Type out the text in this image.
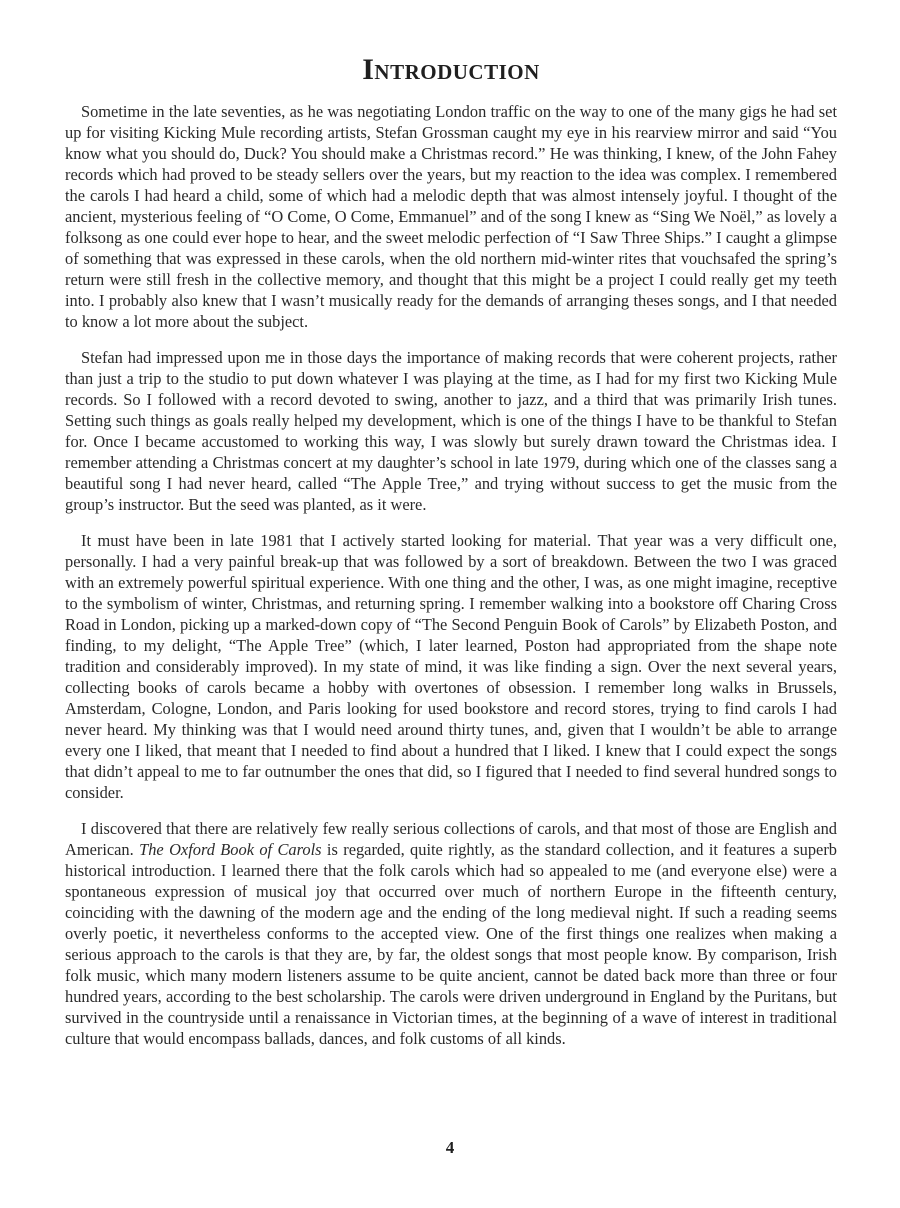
Introduction

Sometime in the late seventies, as he was negotiating London traffic on the way to one of the many gigs he had set up for visiting Kicking Mule recording artists, Stefan Grossman caught my eye in his rearview mirror and said “You know what you should do, Duck? You should make a Christmas record.” He was thinking, I knew, of the John Fahey records which had proved to be steady sellers over the years, but my reaction to the idea was complex. I remembered the carols I had heard a child, some of which had a melodic depth that was almost intensely joyful. I thought of the ancient, mysterious feeling of “O Come, O Come, Emmanuel” and of the song I knew as “Sing We Noël,” as lovely a folksong as one could ever hope to hear, and the sweet melodic perfection of “I Saw Three Ships.” I caught a glimpse of something that was expressed in these carols, when the old northern mid-winter rites that vouchsafed the spring’s return were still fresh in the collective memory, and thought that this might be a project I could really get my teeth into. I probably also knew that I wasn’t musically ready for the demands of arranging theses songs, and I that needed to know a lot more about the subject.

Stefan had impressed upon me in those days the importance of making records that were coherent projects, rather than just a trip to the studio to put down whatever I was playing at the time, as I had for my first two Kicking Mule records. So I followed with a record devoted to swing, another to jazz, and a third that was primarily Irish tunes. Setting such things as goals really helped my development, which is one of the things I have to be thankful to Stefan for. Once I became accustomed to working this way, I was slowly but surely drawn toward the Christmas idea. I remember attending a Christmas concert at my daughter’s school in late 1979, during which one of the classes sang a beautiful song I had never heard, called “The Apple Tree,” and trying without success to get the music from the group’s instructor. But the seed was planted, as it were.

It must have been in late 1981 that I actively started looking for material. That year was a very difficult one, personally. I had a very painful break-up that was followed by a sort of breakdown. Between the two I was graced with an extremely powerful spiritual experience. With one thing and the other, I was, as one might imagine, receptive to the symbolism of winter, Christmas, and returning spring. I remember walking into a bookstore off Charing Cross Road in London, picking up a marked-down copy of “The Second Penguin Book of Carols” by Elizabeth Poston, and finding, to my delight, “The Apple Tree” (which, I later learned, Poston had appropriated from the shape note tradition and considerably improved). In my state of mind, it was like finding a sign. Over the next several years, collecting books of carols became a hobby with overtones of obsession. I remember long walks in Brussels, Amsterdam, Cologne, London, and Paris looking for used bookstore and record stores, trying to find carols I had never heard. My thinking was that I would need around thirty tunes, and, given that I wouldn’t be able to arrange every one I liked, that meant that I needed to find about a hundred that I liked. I knew that I could expect the songs that didn’t appeal to me to far outnumber the ones that did, so I figured that I needed to find several hundred songs to consider.

I discovered that there are relatively few really serious collections of carols, and that most of those are English and American. The Oxford Book of Carols is regarded, quite rightly, as the standard collection, and it features a superb historical introduction. I learned there that the folk carols which had so appealed to me (and everyone else) were a spontaneous expression of musical joy that occurred over much of northern Europe in the fifteenth century, coinciding with the dawning of the modern age and the ending of the long medieval night. If such a reading seems overly poetic, it nevertheless conforms to the accepted view. One of the first things one realizes when making a serious approach to the carols is that they are, by far, the oldest songs that most people know. By comparison, Irish folk music, which many modern listeners assume to be quite ancient, cannot be dated back more than three or four hundred years, according to the best scholarship. The carols were driven underground in England by the Puritans, but survived in the countryside until a renaissance in Victorian times, at the beginning of a wave of interest in traditional culture that would encompass ballads, dances, and folk customs of all kinds.

4
